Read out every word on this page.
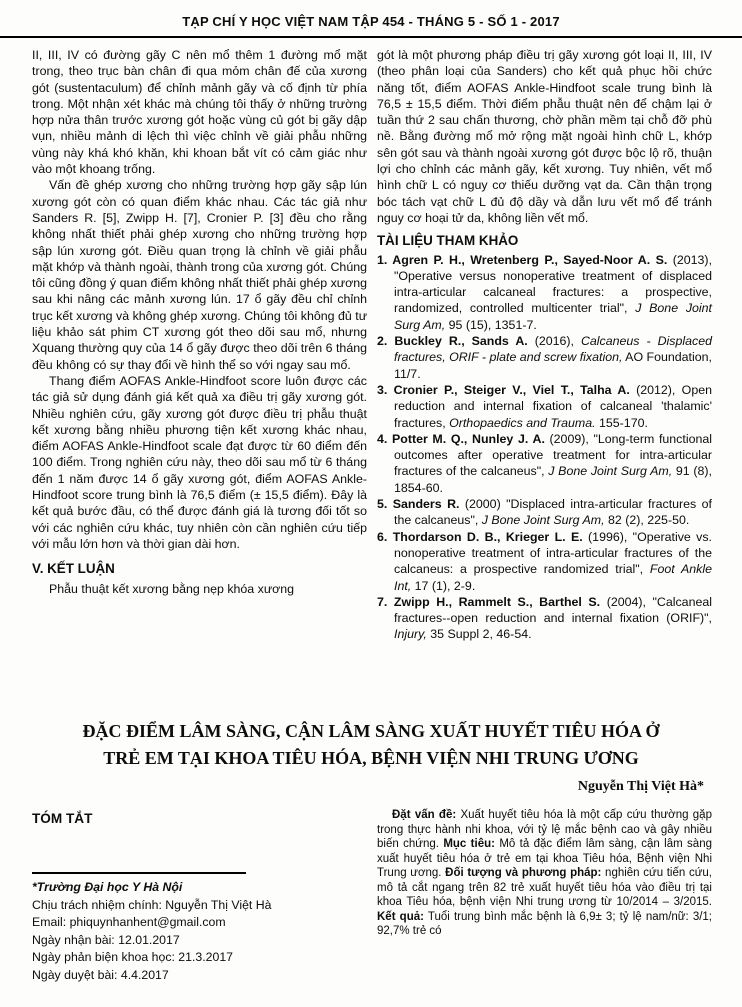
TẠP CHÍ Y HỌC VIỆT NAM TẬP 454 - THÁNG 5 - SỐ 1 - 2017

II, III, IV có đường gãy C nên mổ thêm 1 đường mổ mặt trong, theo trục bàn chân đi qua mỏm chân đế của xương gót (sustentaculum) để chỉnh mảnh gãy và cố định từ phía trong. Một nhận xét khác mà chúng tôi thấy ở những trường hợp nửa thân trước xương gót hoặc vùng củ gót bị gãy dập vụn, nhiều mảnh di lệch thì việc chỉnh về giải phẫu những vùng này khá khó khăn, khi khoan bắt vít có cảm giác như vào một khoang trống.

Vấn đề ghép xương cho những trường hợp gãy sập lún xương gót còn có quan điểm khác nhau. Các tác giả như Sanders R. [5], Zwipp H. [7], Cronier P. [3] đều cho rằng không nhất thiết phải ghép xương cho những trường hợp sập lún xương gót. Điều quan trọng là chỉnh về giải phẫu mặt khớp và thành ngoài, thành trong của xương gót. Chúng tôi cũng đồng ý quan điểm không nhất thiết phải ghép xương sau khi nâng các mảnh xương lún. 17 ổ gãy đều chỉ chỉnh trục kết xương và không ghép xương. Chúng tôi không đủ tư liệu khảo sát phim CT xương gót theo dõi sau mổ, nhưng Xquang thường quy của 14 ổ gãy được theo dõi trên 6 tháng đều không có sự thay đổi về hình thể so với ngay sau mổ.

Thang điểm AOFAS Ankle-Hindfoot score luôn được các tác giả sử dụng đánh giá kết quả xa điều trị gãy xương gót. Nhiều nghiên cứu, gãy xương gót được điều trị phẫu thuật kết xương bằng nhiều phương tiện kết xương khác nhau, điểm AOFAS Ankle-Hindfoot scale đạt được từ 60 điểm đến 100 điểm. Trong nghiên cứu này, theo dõi sau mổ từ 6 tháng đến 1 năm được 14 ổ gãy xương gót, điểm AOFAS Ankle-Hindfoot score trung bình là 76,5 điểm (± 15,5 điểm). Đây là kết quả bước đầu, có thể được đánh giá là tương đối tốt so với các nghiên cứu khác, tuy nhiên còn cần nghiên cứu tiếp với mẫu lớn hơn và thời gian dài hơn.

V. KẾT LUẬN

Phẫu thuật kết xương bằng nẹp khóa xương

gót là một phương pháp điều trị gãy xương gót loại II, III, IV (theo phân loại của Sanders) cho kết quả phục hồi chức năng tốt, điểm AOFAS Ankle-Hindfoot scale trung bình là 76,5 ± 15,5 điểm. Thời điểm phẫu thuật nên để chậm lại ở tuần thứ 2 sau chấn thương, chờ phần mềm tại chỗ đỡ phù nề. Bằng đường mổ mở rộng mặt ngoài hình chữ L, khớp sên gót sau và thành ngoài xương gót được bộc lộ rõ, thuận lợi cho chỉnh các mảnh gãy, kết xương. Tuy nhiên, vết mổ hình chữ L có nguy cơ thiếu dưỡng vạt da. Cần thận trọng bóc tách vạt chữ L đủ độ dầy và dẫn lưu vết mổ để tránh nguy cơ hoại tử da, không liền vết mổ.

TÀI LIỆU THAM KHẢO
1. Agren P. H., Wretenberg P., Sayed-Noor A. S. (2013), "Operative versus nonoperative treatment of displaced intra-articular calcaneal fractures: a prospective, randomized, controlled multicenter trial", J Bone Joint Surg Am, 95 (15), 1351-7.
2. Buckley R., Sands A. (2016), Calcaneus - Displaced fractures, ORIF - plate and screw fixation, AO Foundation, 11/7.
3. Cronier P., Steiger V., Viel T., Talha A. (2012), Open reduction and internal fixation of calcaneal 'thalamic' fractures, Orthopaedics and Trauma. 155-170.
4. Potter M. Q., Nunley J. A. (2009), "Long-term functional outcomes after operative treatment for intra-articular fractures of the calcaneus", J Bone Joint Surg Am, 91 (8), 1854-60.
5. Sanders R. (2000) "Displaced intra-articular fractures of the calcaneus", J Bone Joint Surg Am, 82 (2), 225-50.
6. Thordarson D. B., Krieger L. E. (1996), "Operative vs. nonoperative treatment of intra-articular fractures of the calcaneus: a prospective randomized trial", Foot Ankle Int, 17 (1), 2-9.
7. Zwipp H., Rammelt S., Barthel S. (2004), "Calcaneal fractures--open reduction and internal fixation (ORIF)", Injury, 35 Suppl 2, 46-54.
ĐẶC ĐIỂM LÂM SÀNG, CẬN LÂM SÀNG XUẤT HUYẾT TIÊU HÓA Ở
TRẺ EM TẠI KHOA TIÊU HÓA, BỆNH VIỆN NHI TRUNG ƯƠNG
Nguyễn Thị Việt Hà*
TÓM TẮT
*Trường Đại học Y Hà Nội
Chịu trách nhiệm chính: Nguyễn Thị Việt Hà
Email: phiquynhanhent@gmail.com
Ngày nhận bài: 12.01.2017
Ngày phản biện khoa học: 21.3.2017
Ngày duyệt bài: 4.4.2017

Đặt vấn đề: Xuất huyết tiêu hóa là một cấp cứu thường gặp trong thực hành nhi khoa, với tỷ lệ mắc bệnh cao và gây nhiều biến chứng. Mục tiêu: Mô tả đặc điểm lâm sàng, cận lâm sàng xuất huyết tiêu hóa ở trẻ em tại khoa Tiêu hóa, Bệnh viện Nhi Trung ương. Đối tượng và phương pháp: nghiên cứu tiến cứu, mô tả cắt ngang trên 82 trẻ xuất huyết tiêu hóa vào điều trị tại khoa Tiêu hóa, bệnh viện Nhi trung ương từ 10/2014 – 3/2015. Kết quả: Tuổi trung bình mắc bệnh là 6,9± 3; tỷ lệ nam/nữ: 3/1; 92,7% trẻ có
